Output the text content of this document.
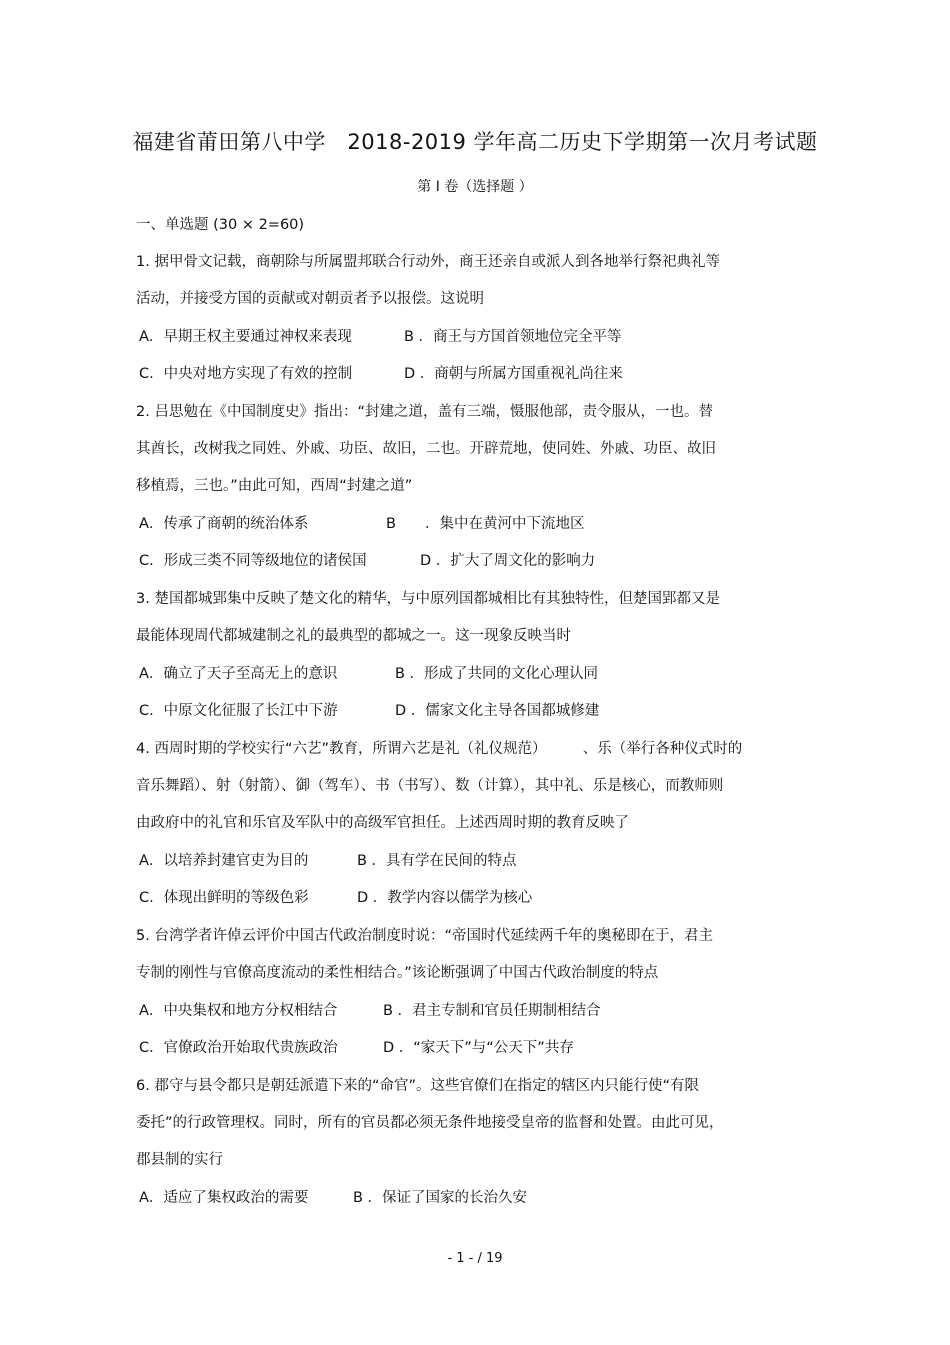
福建省莆田第八中学　2018-2019 学年高二历史下学期第一次月考试题
第 I 卷（选择题 ）
一、单选题 (30 × 2=60)
1. 据甲骨文记载，商朝除与所属盟邦联合行动外，商王还亲自或派人到各地举行祭祀典礼等
活动，并接受方国的贡献或对朝贡者予以报偿。这说明
A．早期王权主要通过神权来表现	B ．商王与方国首领地位完全平等
C．中央对地方实现了有效的控制	D ．商朝与所属方国重视礼尚往来
2. 吕思勉在《中国制度史》指出：“封建之道，盖有三端，慑服他部，责令服从，一也。替
其酋长，改树我之同姓、外戚、功臣、故旧，二也。开辟荒地，使同姓、外戚、功臣、故旧
移植焉，三也。”由此可知，西周“封建之道”
A．传承了商朝的统治体系	B　　．集中在黄河中下流地区
C．形成三类不同等级地位的诸侯国	D ．扩大了周文化的影响力
3. 楚国都城郢集中反映了楚文化的精华，与中原列国都城相比有其独特性，但楚国郢都又是
最能体现周代都城建制之礼的最典型的都城之一。这一现象反映当时
A．确立了天子至高无上的意识	B ．形成了共同的文化心理认同
C．中原文化征服了长江中下游	D ．儒家文化主导各国都城修建
4. 西周时期的学校实行“六艺”教育，所谓六艺是礼（礼仪规范）　　　、乐（举行各种仪式时的
音乐舞蹈）、射（射箭）、御（驾车）、书（书写）、数（计算），其中礼、乐是核心，而教师则
由政府中的礼官和乐官及军队中的高级军官担任。上述西周时期的教育反映了
A．以培养封建官吏为目的	B ．具有学在民间的特点
C．体现出鲜明的等级色彩	D ．教学内容以儒学为核心
5. 台湾学者许倬云评价中国古代政治制度时说：“帝国时代延续两千年的奥秘即在于，君主
专制的刚性与官僚高度流动的柔性相结合。”该论断强调了中国古代政治制度的特点
A．中央集权和地方分权相结合	B ．君主专制和官员任期制相结合
C．官僚政治开始取代贵族政治	D ．“家天下”与“公天下”共存
6. 郡守与县令都只是朝廷派遣下来的“命官”。这些官僚们在指定的辖区内只能行使“有限
委托”的行政管理权。同时，所有的官员都必须无条件地接受皇帝的监督和处置。由此可见，
郡县制的实行
A．适应了集权政治的需要	B ．保证了国家的长治久安
- 1 - / 19
